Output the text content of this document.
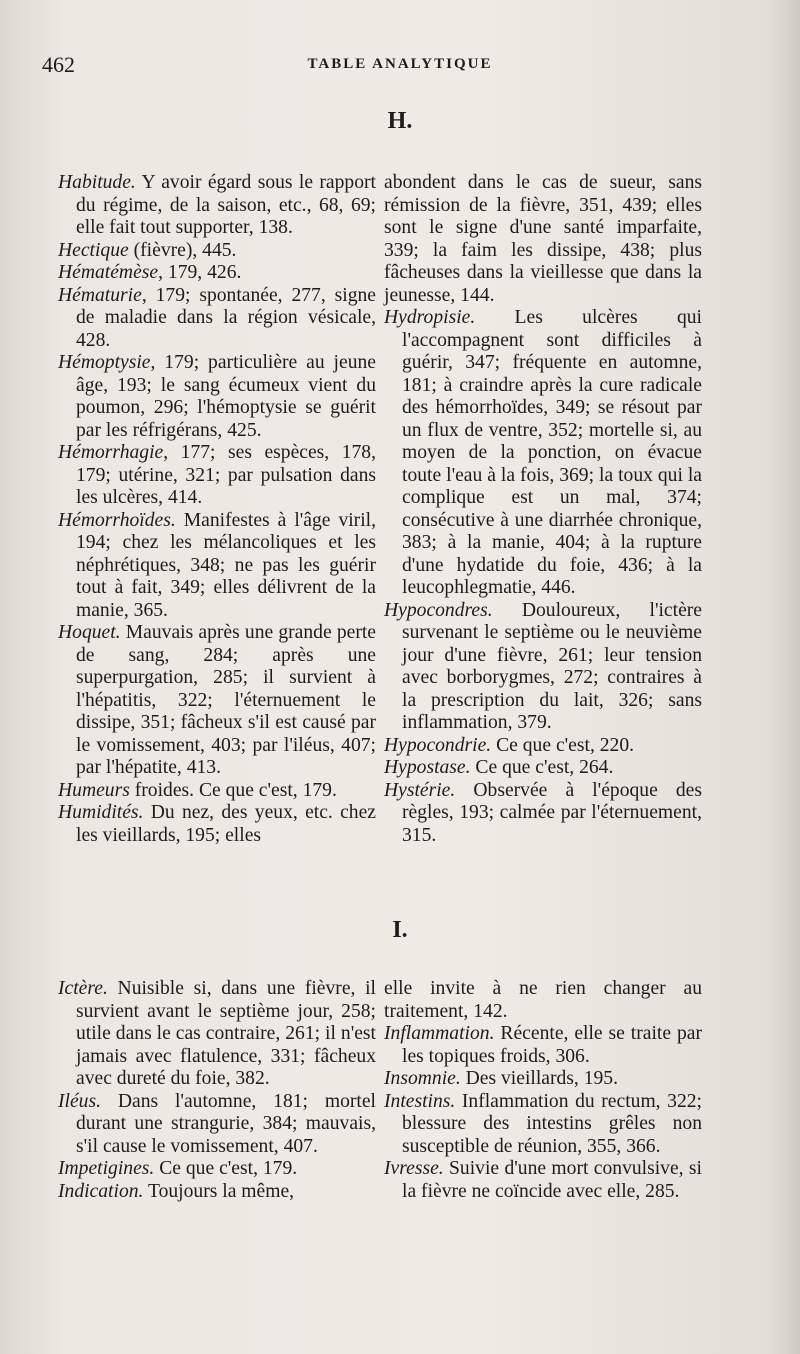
462	TABLE ANALYTIQUE
H.

Habitude. Y avoir égard sous le rapport du régime, de la saison, etc., 68, 69; elle fait tout supporter, 138.

Hectique (fièvre), 445.

Hématémèse, 179, 426.

Hématurie, 179; spontanée, 277, signe de maladie dans la région vésicale, 428.

Hémoptysie, 179; particulière au jeune âge, 193; le sang écumeux vient du poumon, 296; l'hémoptysie se guérit par les réfrigérans, 425.

Hémorrhagie, 177; ses espèces, 178, 179; utérine, 321; par pulsation dans les ulcères, 414.

Hémorrhoïdes. Manifestes à l'âge viril, 194; chez les mélancoliques et les néphrétiques, 348; ne pas les guérir tout à fait, 349; elles délivrent de la manie, 365.

Hoquet. Mauvais après une grande perte de sang, 284; après une superpurgation, 285; il survient à l'hépatitis, 322; l'éternuement le dissipe, 351; fâcheux s'il est causé par le vomissement, 403; par l'iléus, 407; par l'hépatite, 413.

Humeurs froides. Ce que c'est, 179.

Humidités. Du nez, des yeux, etc. chez les vieillards, 195; elles

abondent dans le cas de sueur, sans rémission de la fièvre, 351, 439; elles sont le signe d'une santé imparfaite, 339; la faim les dissipe, 438; plus fâcheuses dans la vieillesse que dans la jeunesse, 144.

Hydropisie. Les ulcères qui l'accompagnent sont difficiles à guérir, 347; fréquente en automne, 181; à craindre après la cure radicale des hémorrhoïdes, 349; se résout par un flux de ventre, 352; mortelle si, au moyen de la ponction, on évacue toute l'eau à la fois, 369; la toux qui la complique est un mal, 374; consécutive à une diarrhée chronique, 383; à la manie, 404; à la rupture d'une hydatide du foie, 436; à la leucophlegmatie, 446.

Hypocondres. Douloureux, l'ictère survenant le septième ou le neuvième jour d'une fièvre, 261; leur tension avec borborygmes, 272; contraires à la prescription du lait, 326; sans inflammation, 379.

Hypocondrie. Ce que c'est, 220.

Hypostase. Ce que c'est, 264.

Hystérie. Observée à l'époque des règles, 193; calmée par l'éternuement, 315.

I.

Ictère. Nuisible si, dans une fièvre, il survient avant le septième jour, 258; utile dans le cas contraire, 261; il n'est jamais avec flatulence, 331; fâcheux avec dureté du foie, 382.

Iléus. Dans l'automne, 181; mortel durant une strangurie, 384; mauvais, s'il cause le vomissement, 407.

Impetigines. Ce que c'est, 179.

Indication. Toujours la même,

elle invite à ne rien changer au traitement, 142.

Inflammation. Récente, elle se traite par les topiques froids, 306.

Insomnie. Des vieillards, 195.

Intestins. Inflammation du rectum, 322; blessure des intestins grêles non susceptible de réunion, 355, 366.

Ivresse. Suivie d'une mort convulsive, si la fièvre ne coïncide avec elle, 285.
